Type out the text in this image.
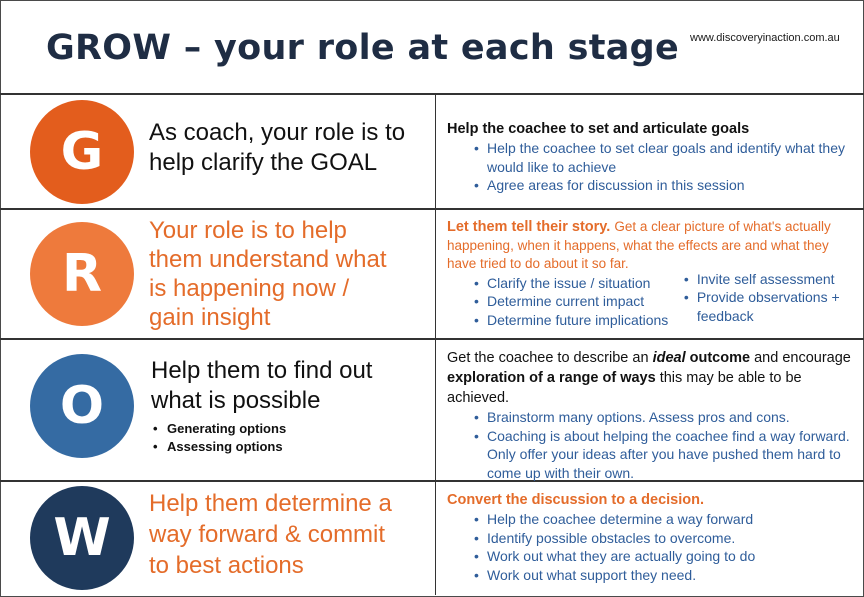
GROW – your role at each stage www.discoveryinaction.com.au
G	As coach, your role is to
help clarify the GOAL
Help the coachee to set and articulate goals
• Help the coachee to set clear goals and identify what they would like to achieve
• Agree areas for discussion in this session
R
Your role is to help
them understand what
is happening now /
gain insight
Let them tell their story. Get a clear picture of what's actually happening, when it happens, what the effects are and what they have tried to do about it so far.
• Clarify the issue / situation
• Determine current impact
• Determine future implications
• Invite self assessment
• Provide observations + feedback
O
Help them to find out
what is possible
• Generating options
• Assessing options
Get the coachee to describe an ideal outcome and encourage exploration of a range of ways this may be able to be achieved.
• Brainstorm many options. Assess pros and cons.
• Coaching is about helping the coachee find a way forward. Only offer your ideas after you have pushed them hard to come up with their own.
W
Help them determine a
way forward & commit
to best actions
Convert the discussion to a decision.
• Help the coachee determine a way forward
• Identify possible obstacles to overcome.
• Work out what they are actually going to do
• Work out what support they need.
